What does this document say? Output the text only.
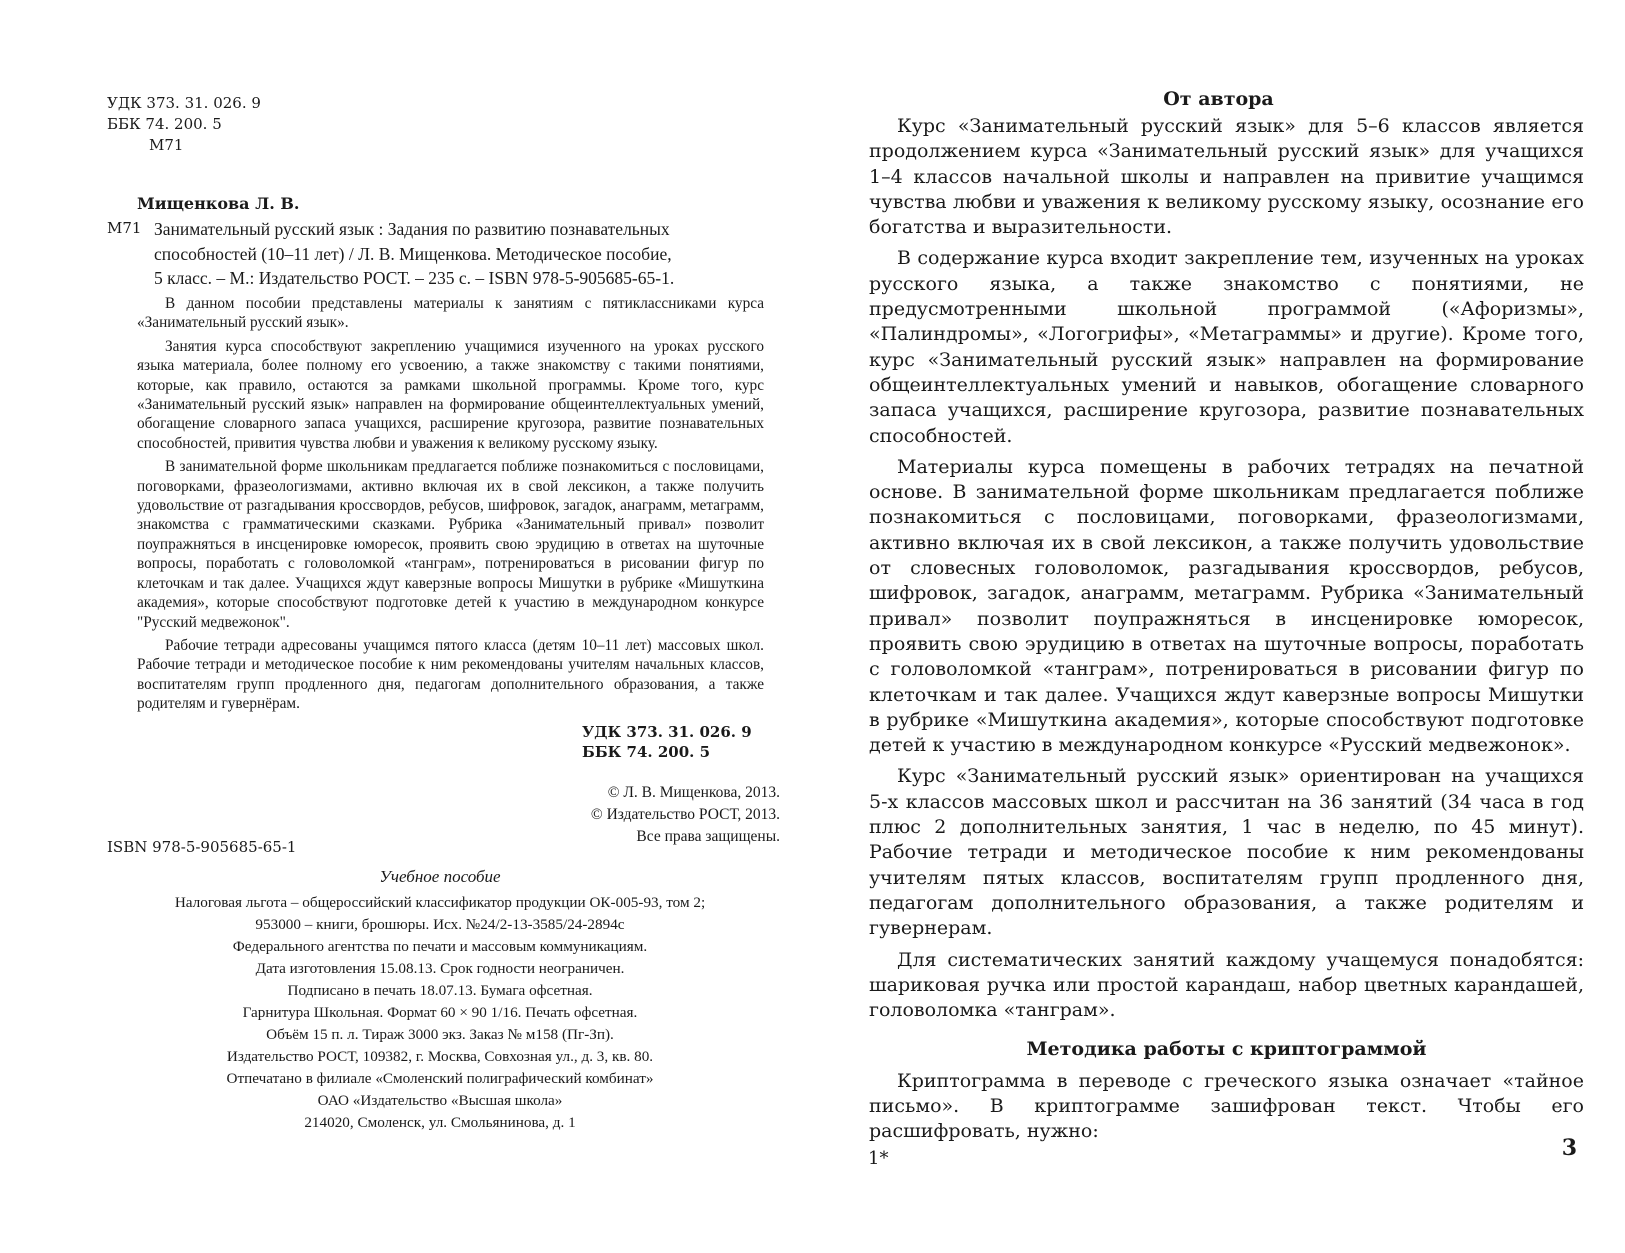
УДК 373. 31. 026. 9
ББК 74. 200. 5
М71
Мищенкова Л. В.
М71 Занимательный русский язык : Задания по развитию познавательных
способностей (10–11 лет) / Л. В. Мищенкова. Методическое пособие,
5 класс. – М.: Издательство РОСТ. – 235 с. – ISBN 978-5-905685-65-1.

В данном пособии представлены материалы к занятиям с пятиклассниками курса «Занимательный русский язык».

Занятия курса способствуют закреплению учащимися изученного на уроках русского языка материала, более полному его усвоению, а также знакомству с такими понятиями, которые, как правило, остаются за рамками школьной программы. Кроме того, курс «Занимательный русский язык» направлен на формирование общеинтеллектуальных умений, обогащение словарного запаса учащихся, расширение кругозора, развитие познавательных способностей, привития чувства любви и уважения к великому русскому языку.

В занимательной форме школьникам предлагается поближе познакомиться с пословицами, поговорками, фразеологизмами, активно включая их в свой лексикон, а также получить удовольствие от разгадывания кроссвордов, ребусов, шифровок, загадок, анаграмм, метаграмм, знакомства с грамматическими сказками. Рубрика «Занимательный привал» позволит поупражняться в инсценировке юморесок, проявить свою эрудицию в ответах на шуточные вопросы, поработать с головоломкой «танграм», потренироваться в рисовании фигур по клеточкам и так далее. Учащихся ждут каверзные вопросы Мишутки в рубрике «Мишуткина академия», которые способствуют подготовке детей к участию в международном конкурсе "Русский медвежонок".

Рабочие тетради адресованы учащимся пятого класса (детям 10–11 лет) массовых школ. Рабочие тетради и методическое пособие к ним рекомендованы учителям начальных классов, воспитателям групп продленного дня, педагогам дополнительного образования, а также родителям и гувернёрам.

УДК 373. 31. 026. 9
ББК 74. 200. 5
© Л. В. Мищенкова, 2013.
© Издательство РОСТ, 2013.
Все права защищены.
ISBN 978-5-905685-65-1
Учебное пособие
Налоговая льгота – общероссийский классификатор продукции ОК-005-93, том 2;
953000 – книги, брошюры. Исх. №24/2-13-3585/24-2894с
Федерального агентства по печати и массовым коммуникациям.
Дата изготовления 15.08.13. Срок годности неограничен.
Подписано в печать 18.07.13. Бумага офсетная.
Гарнитура Школьная. Формат 60 × 90 1/16. Печать офсетная.
Объём 15 п. л. Тираж 3000 экз. Заказ № м158 (Пг-Зп).
Издательство РОСТ, 109382, г. Москва, Совхозная ул., д. 3, кв. 80.
Отпечатано в филиале «Смоленский полиграфический комбинат»
ОАО «Издательство «Высшая школа»
214020, Смоленск, ул. Смольянинова, д. 1
От автора

Курс «Занимательный русский язык» для 5–6 классов является продолжением курса «Занимательный русский язык» для учащихся 1–4 классов начальной школы и направлен на привитие учащимся чувства любви и уважения к великому русскому языку, осознание его богатства и выразительности.

В содержание курса входит закрепление тем, изученных на уроках русского языка, а также знакомство с понятиями, не предусмотренными школьной программой («Афоризмы», «Палиндромы», «Логогрифы», «Метаграммы» и другие). Кроме того, курс «Занимательный русский язык» направлен на формирование общеинтеллектуальных умений и навыков, обогащение словарного запаса учащихся, расширение кругозора, развитие познавательных способностей.

Материалы курса помещены в рабочих тетрадях на печатной основе. В занимательной форме школьникам предлагается поближе познакомиться с пословицами, поговорками, фразеологизмами, активно включая их в свой лексикон, а также получить удовольствие от словесных головоломок, разгадывания кроссвордов, ребусов, шифровок, загадок, анаграмм, метаграмм. Рубрика «Занимательный привал» позволит поупражняться в инсценировке юморесок, проявить свою эрудицию в ответах на шуточные вопросы, поработать с головоломкой «танграм», потренироваться в рисовании фигур по клеточкам и так далее. Учащихся ждут каверзные вопросы Мишутки в рубрике «Мишуткина академия», которые способствуют подготовке детей к участию в международном конкурсе «Русский медвежонок».

Курс «Занимательный русский язык» ориентирован на учащихся 5-х классов массовых школ и рассчитан на 36 занятий (34 часа в год плюс 2 дополнительных занятия, 1 час в неделю, по 45 минут). Рабочие тетради и методическое пособие к ним рекомендованы учителям пятых классов, воспитателям групп продленного дня, педагогам дополнительного образования, а также родителям и гувернерам.

Для систематических занятий каждому учащемуся понадобятся: шариковая ручка или простой карандаш, набор цветных карандашей, головоломка «танграм».

Методика работы с криптограммой

Криптограмма в переводе с греческого языка означает «тайное письмо». В криптограмме зашифрован текст. Чтобы его расшифровать, нужно:

1*	3
